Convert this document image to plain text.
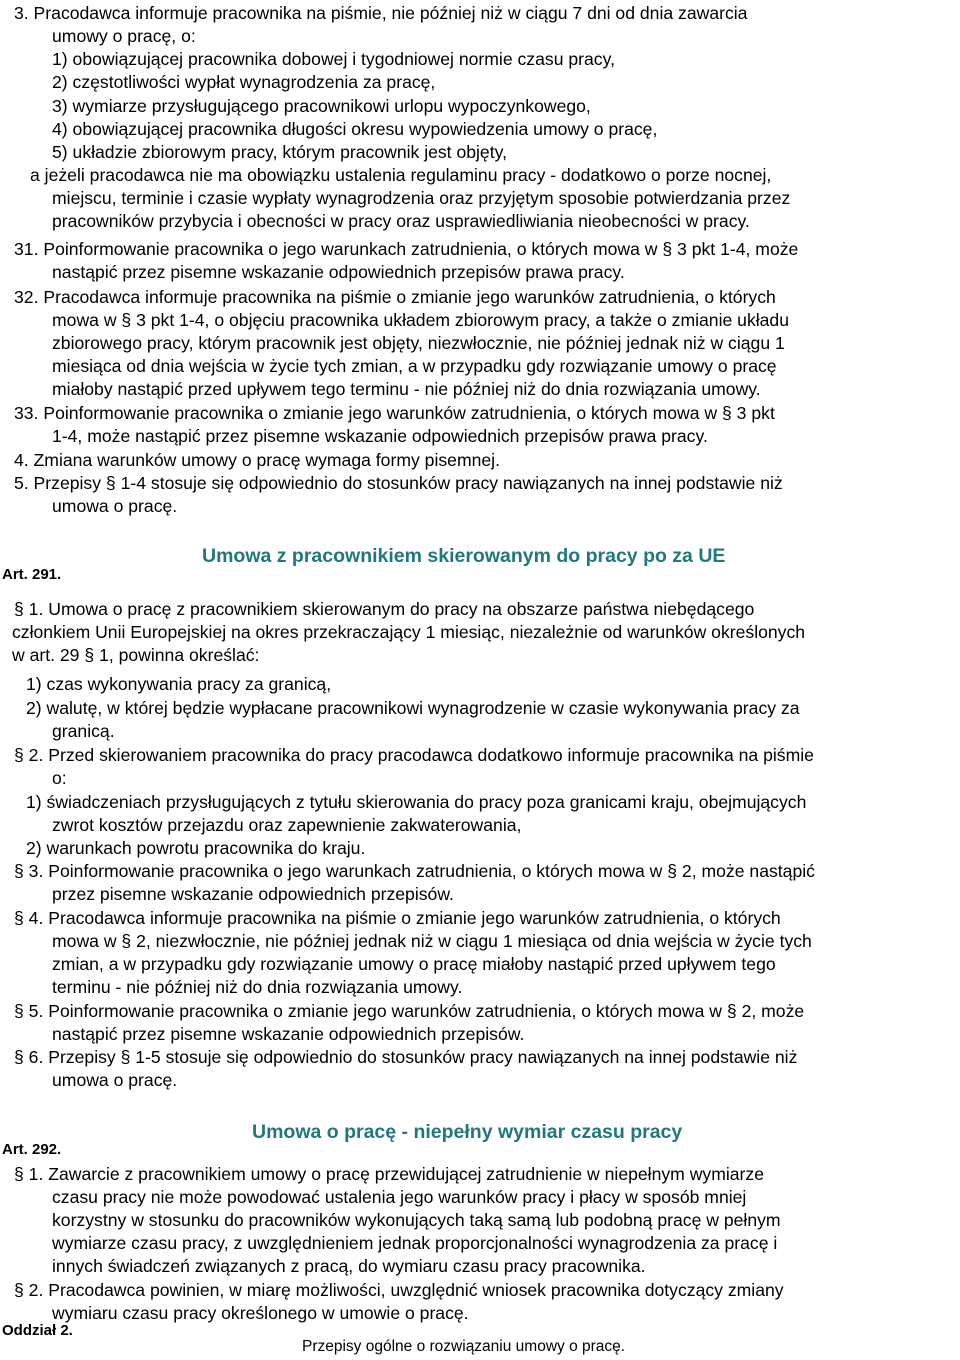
3. Pracodawca informuje pracownika na piśmie, nie później niż w ciągu 7 dni od dnia zawarcia
umowy o pracę, o:
1) obowiązującej pracownika dobowej i tygodniowej normie czasu pracy,
2) częstotliwości wypłat wynagrodzenia za pracę,
3) wymiarze przysługującego pracownikowi urlopu wypoczynkowego,
4) obowiązującej pracownika długości okresu wypowiedzenia umowy o pracę,
5) układzie zbiorowym pracy, którym pracownik jest objęty,
a jeżeli pracodawca nie ma obowiązku ustalenia regulaminu pracy - dodatkowo o porze nocnej,
miejscu, terminie i czasie wypłaty wynagrodzenia oraz przyjętym sposobie potwierdzania przez
pracowników przybycia i obecności w pracy oraz usprawiedliwiania nieobecności w pracy.
31. Poinformowanie pracownika o jego warunkach zatrudnienia, o których mowa w § 3 pkt 1-4, może
nastąpić przez pisemne wskazanie odpowiednich przepisów prawa pracy.
32. Pracodawca informuje pracownika na piśmie o zmianie jego warunków zatrudnienia, o których
mowa w § 3 pkt 1-4, o objęciu pracownika układem zbiorowym pracy, a także o zmianie układu
zbiorowego pracy, którym pracownik jest objęty, niezwłocznie, nie później jednak niż w ciągu 1
miesiąca od dnia wejścia w życie tych zmian, a w przypadku gdy rozwiązanie umowy o pracę
miałoby nastąpić przed upływem tego terminu - nie później niż do dnia rozwiązania umowy.
33. Poinformowanie pracownika o zmianie jego warunków zatrudnienia, o których mowa w § 3 pkt
1-4, może nastąpić przez pisemne wskazanie odpowiednich przepisów prawa pracy.
4. Zmiana warunków umowy o pracę wymaga formy pisemnej.
5. Przepisy § 1-4 stosuje się odpowiednio do stosunków pracy nawiązanych na innej podstawie niż
umowa o pracę.
Umowa z pracownikiem skierowanym do pracy po za UE
Art. 291.
§ 1. Umowa o pracę z pracownikiem skierowanym do pracy na obszarze państwa niebędącego
członkiem Unii Europejskiej na okres przekraczający 1 miesiąc, niezależnie od warunków określonych
w art. 29 § 1, powinna określać:
1) czas wykonywania pracy za granicą,
2) walutę, w której będzie wypłacane pracownikowi wynagrodzenie w czasie wykonywania pracy za
granicą.
§ 2. Przed skierowaniem pracownika do pracy pracodawca dodatkowo informuje pracownika na piśmie
o:
1) świadczeniach przysługujących z tytułu skierowania do pracy poza granicami kraju, obejmujących
zwrot kosztów przejazdu oraz zapewnienie zakwaterowania,
2) warunkach powrotu pracownika do kraju.
§ 3. Poinformowanie pracownika o jego warunkach zatrudnienia, o których mowa w § 2, może nastąpić
przez pisemne wskazanie odpowiednich przepisów.
§ 4. Pracodawca informuje pracownika na piśmie o zmianie jego warunków zatrudnienia, o których
mowa w § 2, niezwłocznie, nie później jednak niż w ciągu 1 miesiąca od dnia wejścia w życie tych
zmian, a w przypadku gdy rozwiązanie umowy o pracę miałoby nastąpić przed upływem tego
terminu - nie później niż do dnia rozwiązania umowy.
§ 5. Poinformowanie pracownika o zmianie jego warunków zatrudnienia, o których mowa w § 2, może
nastąpić przez pisemne wskazanie odpowiednich przepisów.
§ 6. Przepisy § 1-5 stosuje się odpowiednio do stosunków pracy nawiązanych na innej podstawie niż
umowa o pracę.
Umowa o pracę - niepełny wymiar czasu pracy
Art. 292.
§ 1. Zawarcie z pracownikiem umowy o pracę przewidującej zatrudnienie w niepełnym wymiarze
czasu pracy nie może powodować ustalenia jego warunków pracy i płacy w sposób mniej
korzystny w stosunku do pracowników wykonujących taką samą lub podobną pracę w pełnym
wymiarze czasu pracy, z uwzględnieniem jednak proporcjonalności wynagrodzenia za pracę i
innych świadczeń związanych z pracą, do wymiaru czasu pracy pracownika.
§ 2. Pracodawca powinien, w miarę możliwości, uwzględnić wniosek pracownika dotyczący zmiany
wymiaru czasu pracy określonego w umowie o pracę.
Oddział 2.
Przepisy ogólne o rozwiązaniu umowy o pracę.
